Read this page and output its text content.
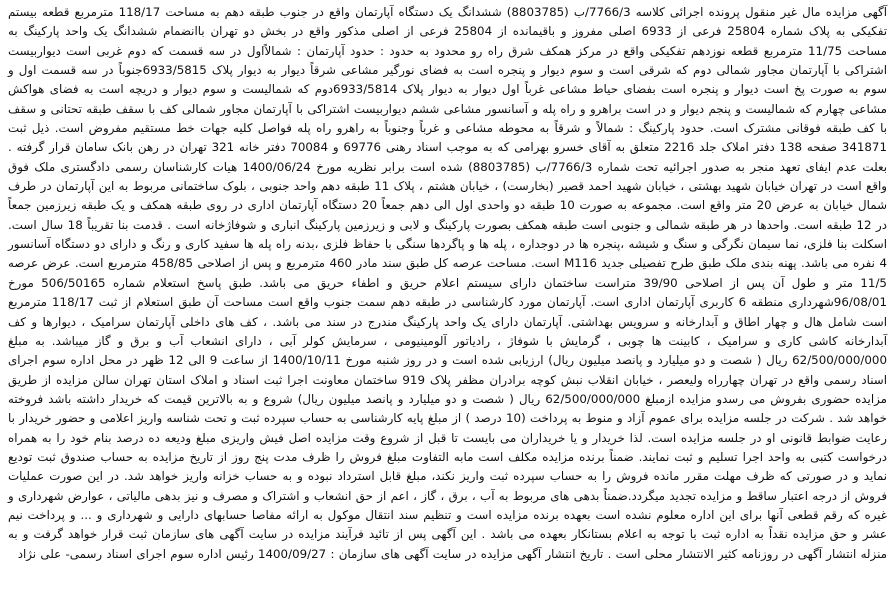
آگهی مزایده مال غیر منقول پرونده اجرائی کلاسه 7766/3/ب (8803785) ششدانگ یک دستگاه آپارتمان واقع در جنوب طبقه دهم به مساحت 118/17 مترمربع قطعه بیستم تفکیکی به پلاک شماره 25804 فرعی از 6933 اصلی مفروز و باقیمانده از 25804 فرعی از اصلی مذکور واقع در بخش دو تهران باانضمام ششدانگ یک واحد پارکینگ به مساحت 11/75 مترمربع قطعه نوزدهم تفکیکی واقع در مرکز همکف شرق راه رو محدود به حدود : حدود آپارتمان : شمالاًاول در سه قسمت که دوم غربی است دیواربیست اشتراکی با آپارتمان مجاور شمالی دوم که شرقی است و سوم دیوار و پنجره است به فضای نورگیر مشاعی شرقاً دیوار به دیوار پلاک 6933/5815جنوباً در سه قسمت اول و سوم به صورت پخ است دیوار و پنجره است بفضای حیاط مشاعی غرباً اول دیوار به دیوار پلاک 6933/5814دوم که شمالیست و سوم دیوار و دریچه است به فضای هواکش مشاعی چهارم که شمالیست و پنجم دیوار و در است براهرو و راه پله و آسانسور مشاعی ششم دیواربیست اشتراکی با آپارتمان مجاور شمالی کف با سقف طبقه تحتانی و سقف با کف طبقه فوقانی مشترک است. حدود پارکینگ : شمالاً و شرقاً به محوطه مشاعی و غرباً وجنوباً به راهرو راه پله فواصل کلیه جهات خط مستقیم مفروض است. ذیل ثبت 341871 صفحه 138 دفتر املاک جلد 2216 متعلق به آقای خسرو بهرامی که به موجب اسناد رهنی 69776 و 70084 دفتر خانه 321 تهران در رهن بانک سامان قرار گرفته . بعلت عدم ایفای تعهد منجر به صدور اجرائیه تحت شماره 7766/3/ب (8803785) شده است برابر نظریه مورخ 1400/06/24 هیات کارشناسان رسمی دادگستری ملک فوق واقع است در تهران خیابان شهید بهشتی ، خیابان شهید احمد قصیر (بخارست) ، خیابان هشتم ، پلاک 11 طبقه دهم واحد جنوبی ، بلوک ساختمانی مربوط به این آپارتمان در طرف شمال خیابان به عرض 20 متر واقع است. مجموعه به صورت 10 طبقه دو واحدی اول الی دهم جمعاً 20 دستگاه آپارتمان اداری در روی طبقه همکف و یک طبقه زیرزمین جمعاً در 12 طبقه است. واحدها در هر طبقه شمالی و جنوبی است طبقه همکف بصورت پارکینگ و لابی و زیرزمین پارکینگ انباری و شوفاژخانه است . قدمت بنا تقریباً 18 سال است. اسکلت بنا فلزی، نما سیمان نگرگی و سنگ و شیشه ،پنجره ها در دوجداره ، پله ها و پاگردها سنگی با حفاظ فلزی ،بدنه راه پله ها سفید کاری و رنگ و دارای دو دستگاه آسانسور 4 نفره می باشد. پهنه بندی ملک طبق طرح تفصیلی جدید M116 است. مساحت عرصه کل طبق سند مادر 460 مترمربع و پس از اصلاحی 458/85 مترمربع است. عرض عرصه 11/5 متر و طول آن پس از اصلاحی 39/90 متراست ساختمان دارای سیستم اعلام حریق و اطفاء حریق می باشد. طبق پاسخ استعلام شماره 506/50165 مورخ 96/08/01شهرداری منطقه 6 کاربری آپارتمان اداری است. آپارتمان مورد کارشناسی در طبقه دهم سمت جنوب واقع است مساحت آن طبق استعلام از ثبت 118/17 مترمربع است شامل هال و چهار اطاق و آبدارخانه و سرویس بهداشتی. آپارتمان دارای یک واحد پارکینگ مندرج در سند می باشد. ، کف های داخلی آپارتمان سرامیک ، دیوارها و کف آبدارخانه کاشی کاری و سرامیک ، کابینت ها چوبی ، گرمایش با شوفاژ ، رادیاتور آلومینیومی ، سرمایش کولر آبی ، دارای انشعاب آب و برق و گاز میباشد. به مبلغ 62/500/000/000 ریال ( شصت و دو میلیارد و پانصد میلیون ریال) ارزیابی شده است و در روز شنبه مورخ 1400/10/11 از ساعت 9 الی 12 ظهر در محل اداره سوم اجرای اسناد رسمی واقع در تهران چهارراه ولیعصر ، خیابان انقلاب نبش کوچه برادران مظفر پلاک 919 ساختمان معاونت اجرا ثبت اسناد و املاک استان تهران سالن مزایده از طریق مزایده حضوری بفروش می رسدو مزایده ازمبلغ 62/500/000/000 ریال ( شصت و دو میلیارد و پانصد میلیون ریال) شروع و به بالاترین قیمت که خریدار داشته باشد فروخته خواهد شد . شرکت در جلسه مزایده برای عموم آزاد و منوط به پرداخت (10 درصد ) از مبلغ پایه کارشناسی به حساب سپرده ثبت و تحت شناسه واریز اعلامی و حضور خریدار با رعایت ضوابط قانونی او در جلسه مزایده است. لذا خریدار و یا خریداران می بایست تا قبل از شروع وقت مزایده اصل فیش واریزی مبلغ ودیعه ده درصد بنام خود را به همراه درخواست کتبی به واحد اجرا تسلیم و ثبت نمایند. ضمناً برنده مزایده مکلف است مابه التفاوت مبلغ فروش را ظرف مدت پنج روز از تاریخ مزایده به حساب صندوق ثبت تودیع نماید و در صورتی که ظرف مهلت مقرر مانده فروش را به حساب سپرده ثبت واریز نکند، مبلغ قابل استرداد نبوده و به حساب خزانه واریز خواهد شد. در این صورت عملیات فروش از درجه اعتبار ساقط و مزایده تجدید میگردد.ضمناً بدهی های مربوط به آب ، برق ، گاز ، اعم از حق انشعاب و اشتراک و مصرف و نیز بدهی مالیاتی ، عوارض شهرداری و غیره که رقم قطعی آنها برای این اداره معلوم نشده است بعهده برنده مزایده است و تنظیم سند انتقال موکول به ارائه مفاصا حسابهای دارایی و شهرداری و ... و پرداخت نیم عشر و حق مزایده نقداً به اداره ثبت با توجه به اعلام بستانکار بعهده می باشد . این آگهی پس از تائید فرآیند مزایده در سایت آگهی های سازمان ثبت قرار خواهد گرفت و به منزله انتشار آگهی در روزنامه کثیر الانتشار محلی است . تاریخ انتشار آگهی مزایده در سایت آگهی های سازمان : 1400/09/27 رئیس اداره سوم اجرای اسناد رسمی- علی نژاد
